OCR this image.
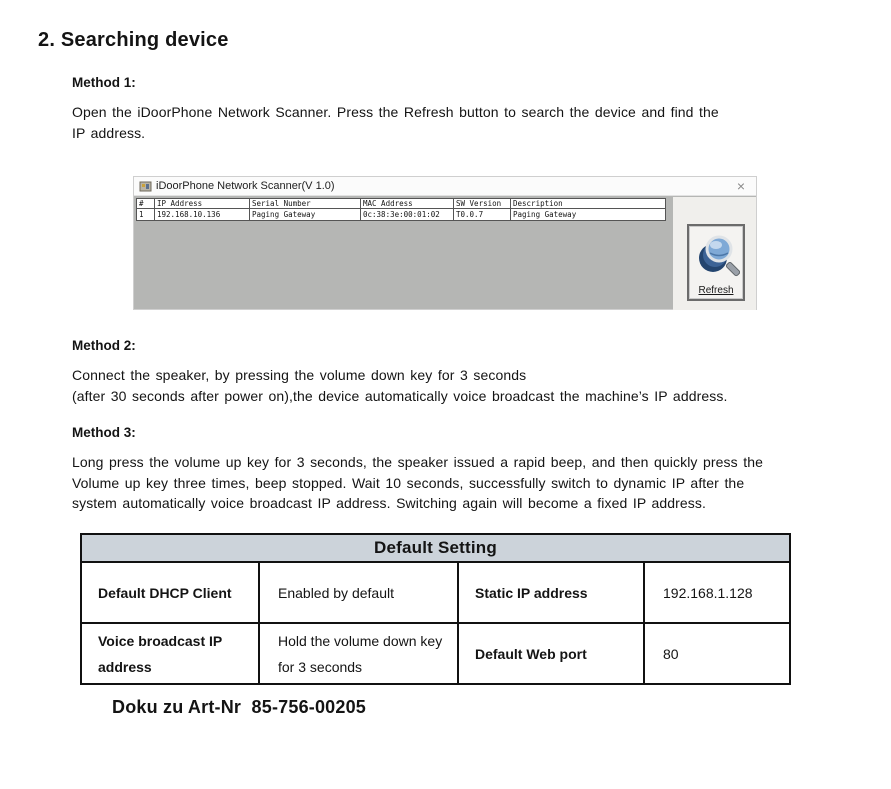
2. Searching device
Method 1:
Open the iDoorPhone Network Scanner. Press the Refresh button to search the device and find the
IP address.
iDoorPhone Network Scanner(V 1.0)	×
#	IP Address	Serial Number	MAC Address	SW Version	Description
1	192.168.10.136	Paging Gateway	0c:38:3e:00:01:02	T0.0.7	Paging Gateway
Refresh
Method 2:
Connect the speaker, by pressing the volume down key for 3 seconds
(after 30 seconds after power on),the device automatically voice broadcast the machine’s IP address.
Method 3:
Long press the volume up key for 3 seconds, the speaker issued a rapid beep, and then quickly press the
Volume up key three times, beep stopped. Wait 10 seconds, successfully switch to dynamic IP after the
system automatically voice broadcast IP address. Switching again will become a fixed IP address.
Default Setting			
Default DHCP Client	Enabled by default	Static IP address	192.168.1.128
Voice broadcast IP address	Hold the volume down key for 3 seconds	Default Web port	80
Doku zu Art-Nr  85-756-00205
